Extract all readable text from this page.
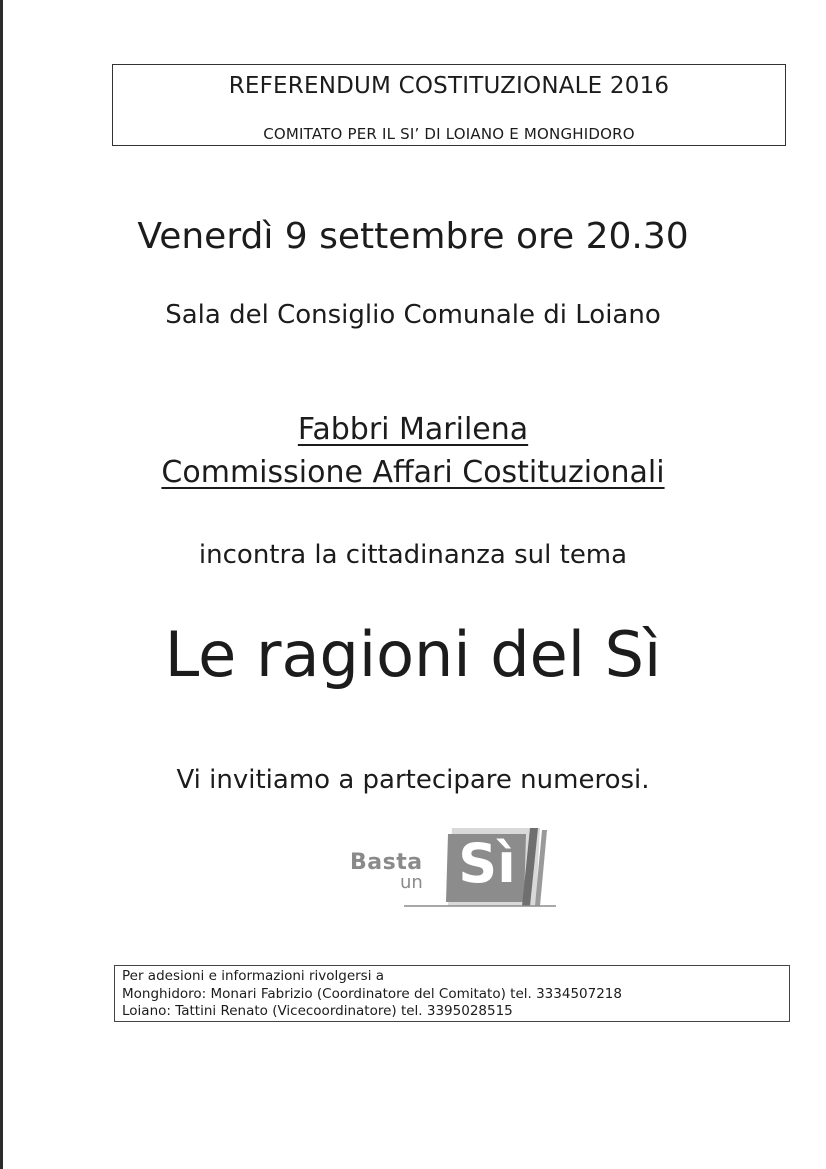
REFERENDUM COSTITUZIONALE 2016
COMITATO PER IL SI’ DI LOIANO E MONGHIDORO
Venerdì 9 settembre ore 20.30
Sala del Consiglio Comunale di Loiano
Fabbri Marilena
Commissione Affari Costituzionali
incontra la cittadinanza sul tema
Le ragioni del Sì
Vi invitiamo a partecipare numerosi.
Basta
un Sì
Per adesioni e informazioni rivolgersi a
Monghidoro: Monari Fabrizio (Coordinatore del Comitato) tel. 3334507218
Loiano: Tattini Renato (Vicecoordinatore) tel. 3395028515
